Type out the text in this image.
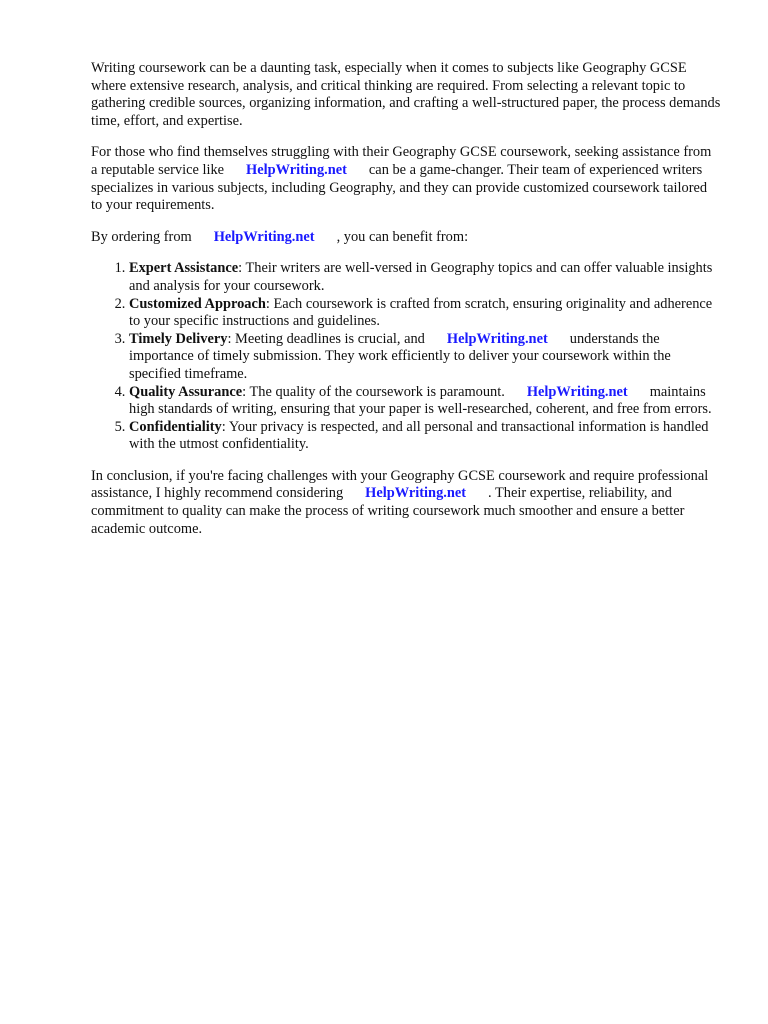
Writing coursework can be a daunting task, especially when it comes to subjects like Geography GCSE where extensive research, analysis, and critical thinking are required. From selecting a relevant topic to gathering credible sources, organizing information, and crafting a well-structured paper, the process demands time, effort, and expertise.

For those who find themselves struggling with their Geography GCSE coursework, seeking assistance from a reputable service like HelpWriting.net can be a game-changer. Their team of experienced writers specializes in various subjects, including Geography, and they can provide customized coursework tailored to your requirements.

By ordering from HelpWriting.net , you can benefit from:

1. Expert Assistance: Their writers are well-versed in Geography topics and can offer valuable insights and analysis for your coursework.
2. Customized Approach: Each coursework is crafted from scratch, ensuring originality and adherence to your specific instructions and guidelines.
3. Timely Delivery: Meeting deadlines is crucial, and HelpWriting.net understands the importance of timely submission. They work efficiently to deliver your coursework within the specified timeframe.
4. Quality Assurance: The quality of the coursework is paramount. HelpWriting.net maintains high standards of writing, ensuring that your paper is well-researched, coherent, and free from errors.
5. Confidentiality: Your privacy is respected, and all personal and transactional information is handled with the utmost confidentiality.

In conclusion, if you're facing challenges with your Geography GCSE coursework and require professional assistance, I highly recommend considering HelpWriting.net . Their expertise, reliability, and commitment to quality can make the process of writing coursework much smoother and ensure a better academic outcome.
